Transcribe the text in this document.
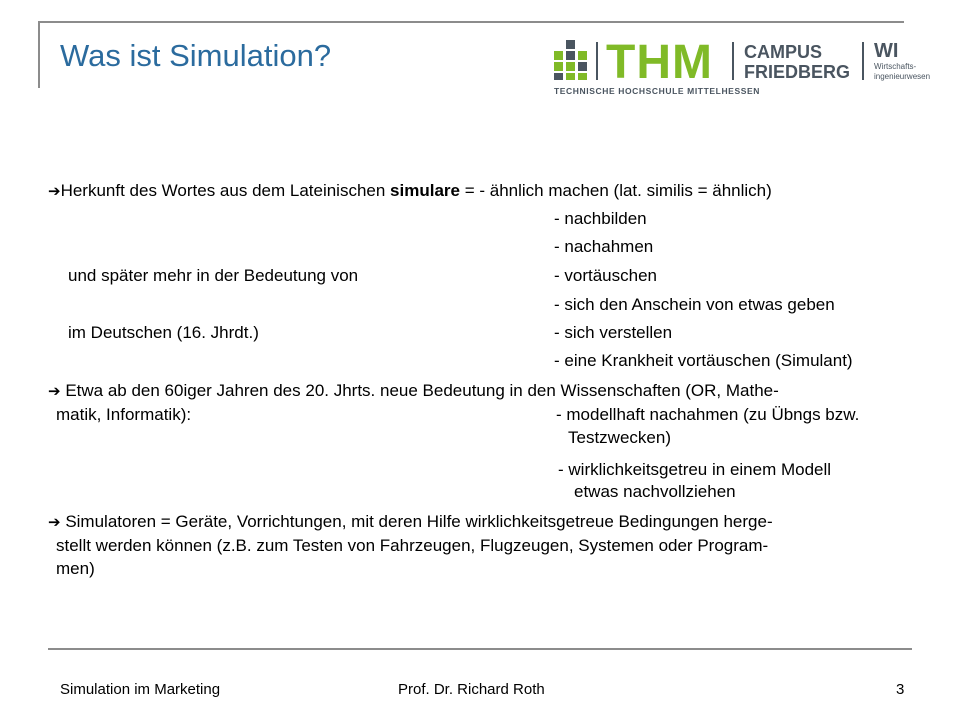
Was ist Simulation?	THM
TECHNISCHE HOCHSCHULE MITTELHESSEN
CAMPUS
FRIEDBERG
WI
Wirtschafts-
ingenieurwesen
➔Herkunft des Wortes aus dem Lateinischen simulare = - ähnlich machen (lat. similis = ähnlich)
- nachbilden
- nachahmen
und später mehr in der Bedeutung von	- vortäuschen
- sich den Anschein von etwas geben
im Deutschen (16. Jhrdt.)	- sich verstellen
- eine Krankheit vortäuschen (Simulant)
➔ Etwa ab den 60iger Jahren des 20. Jhrts. neue Bedeutung in den Wissenschaften (OR, Mathe-
matik, Informatik):	- modellhaft nachahmen (zu Übngs bzw.
Testzwecken)
- wirklichkeitsgetreu in einem Modell
etwas nachvollziehen
➔ Simulatoren = Geräte, Vorrichtungen, mit deren Hilfe wirklichkeitsgetreue Bedingungen herge-
stellt werden können (z.B. zum Testen von Fahrzeugen, Flugzeugen, Systemen oder Program-
men)
Simulation im Marketing	Prof. Dr. Richard Roth	3
